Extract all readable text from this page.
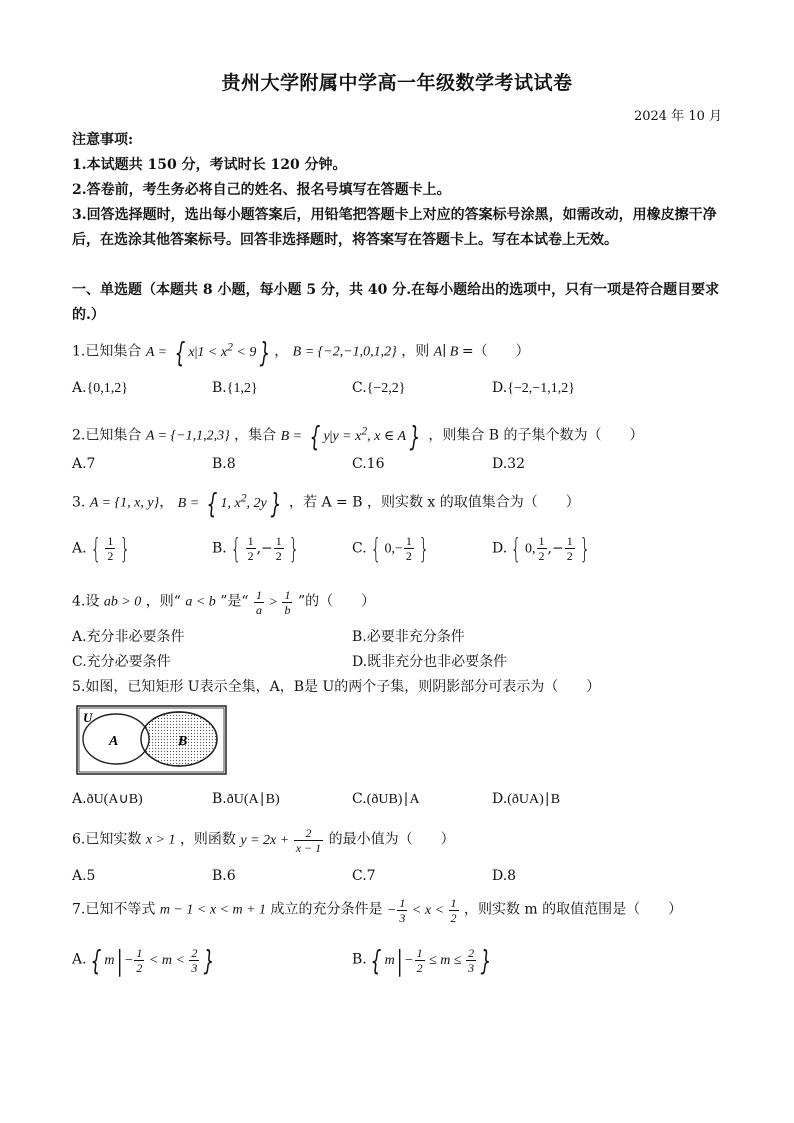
贵州大学附属中学高一年级数学考试试卷
2024 年 10 月
注意事项:
1.本试题共 150 分，考试时长 120 分钟。
2.答卷前，考生务必将自己的姓名、报名号填写在答题卡上。
3.回答选择题时，选出每小题答案后，用铅笔把答题卡上对应的答案标号涂黑，如需改动，用橡皮擦干净后，在选涂其他答案标号。回答非选择题时，将答案写在答题卡上。写在本试卷上无效。
一、单选题（本题共 8 小题，每小题 5 分，共 40 分.在每小题给出的选项中，只有一项是符合题目要求的.）
1.已知集合 A = { $x|1 < x^2 < 9$ } ， B = {−2,−1,0,1,2} ，则 A∣ B =（　　）
A.{0,1,2}	B.{1,2}	C.{−2,2}	D.{−2,−1,1,2}
2.已知集合 A = {−1,1,2,3} ，集合 B = { $y|y = x^2$, x ∈ A } ，则集合 B 的子集个数为（　　）
A.7	B.8	C.16	D.32
3. A = {1, x, y}， B = { 1, $x^2$, 2y } ，若 A = B ，则实数 x 的取值集合为（　　）
A. { $\frac{1}{2}$ }	B. { $\frac{1}{2}$ ,− $\frac{1}{2}$ }	C. { $0,- \frac{1}{2}$ }	D. { 0, $\frac{1}{2}$ ,− $\frac{1}{2}$ }
4.设 ab > 0 ，则“ a < b ”是“ $\frac{1}{a} > \frac{1}{b}$ ”的（　　）
A.充分非必要条件	B.必要非充分条件
C.充分必要条件	D.既非充分也非必要条件
5.如图，已知矩形 U表示全集，A，B是 U的两个子集，则阴影部分可表示为（　　）
U
A	B
A.ðU(A∪B)	B.ðU(A∣B)	C.(ðUB)∣A	D.(ðUA)∣B
6.已知实数 x > 1 ，则函数 $y = 2x + \frac{2}{x - 1}$ 的最小值为（　　）
A.5	B.6	C.7	D.8
7.已知不等式 m − 1 < x < m + 1 成立的充分条件是 − $\frac{1}{3} < x < \frac{1}{2}$ ，则实数 m 的取值范围是（　　）
A. { $m| - \frac{1}{2} < m < \frac{2}{3}$ }	B. { $m| - \frac{1}{2} \le m \le \frac{2}{3}$ }
